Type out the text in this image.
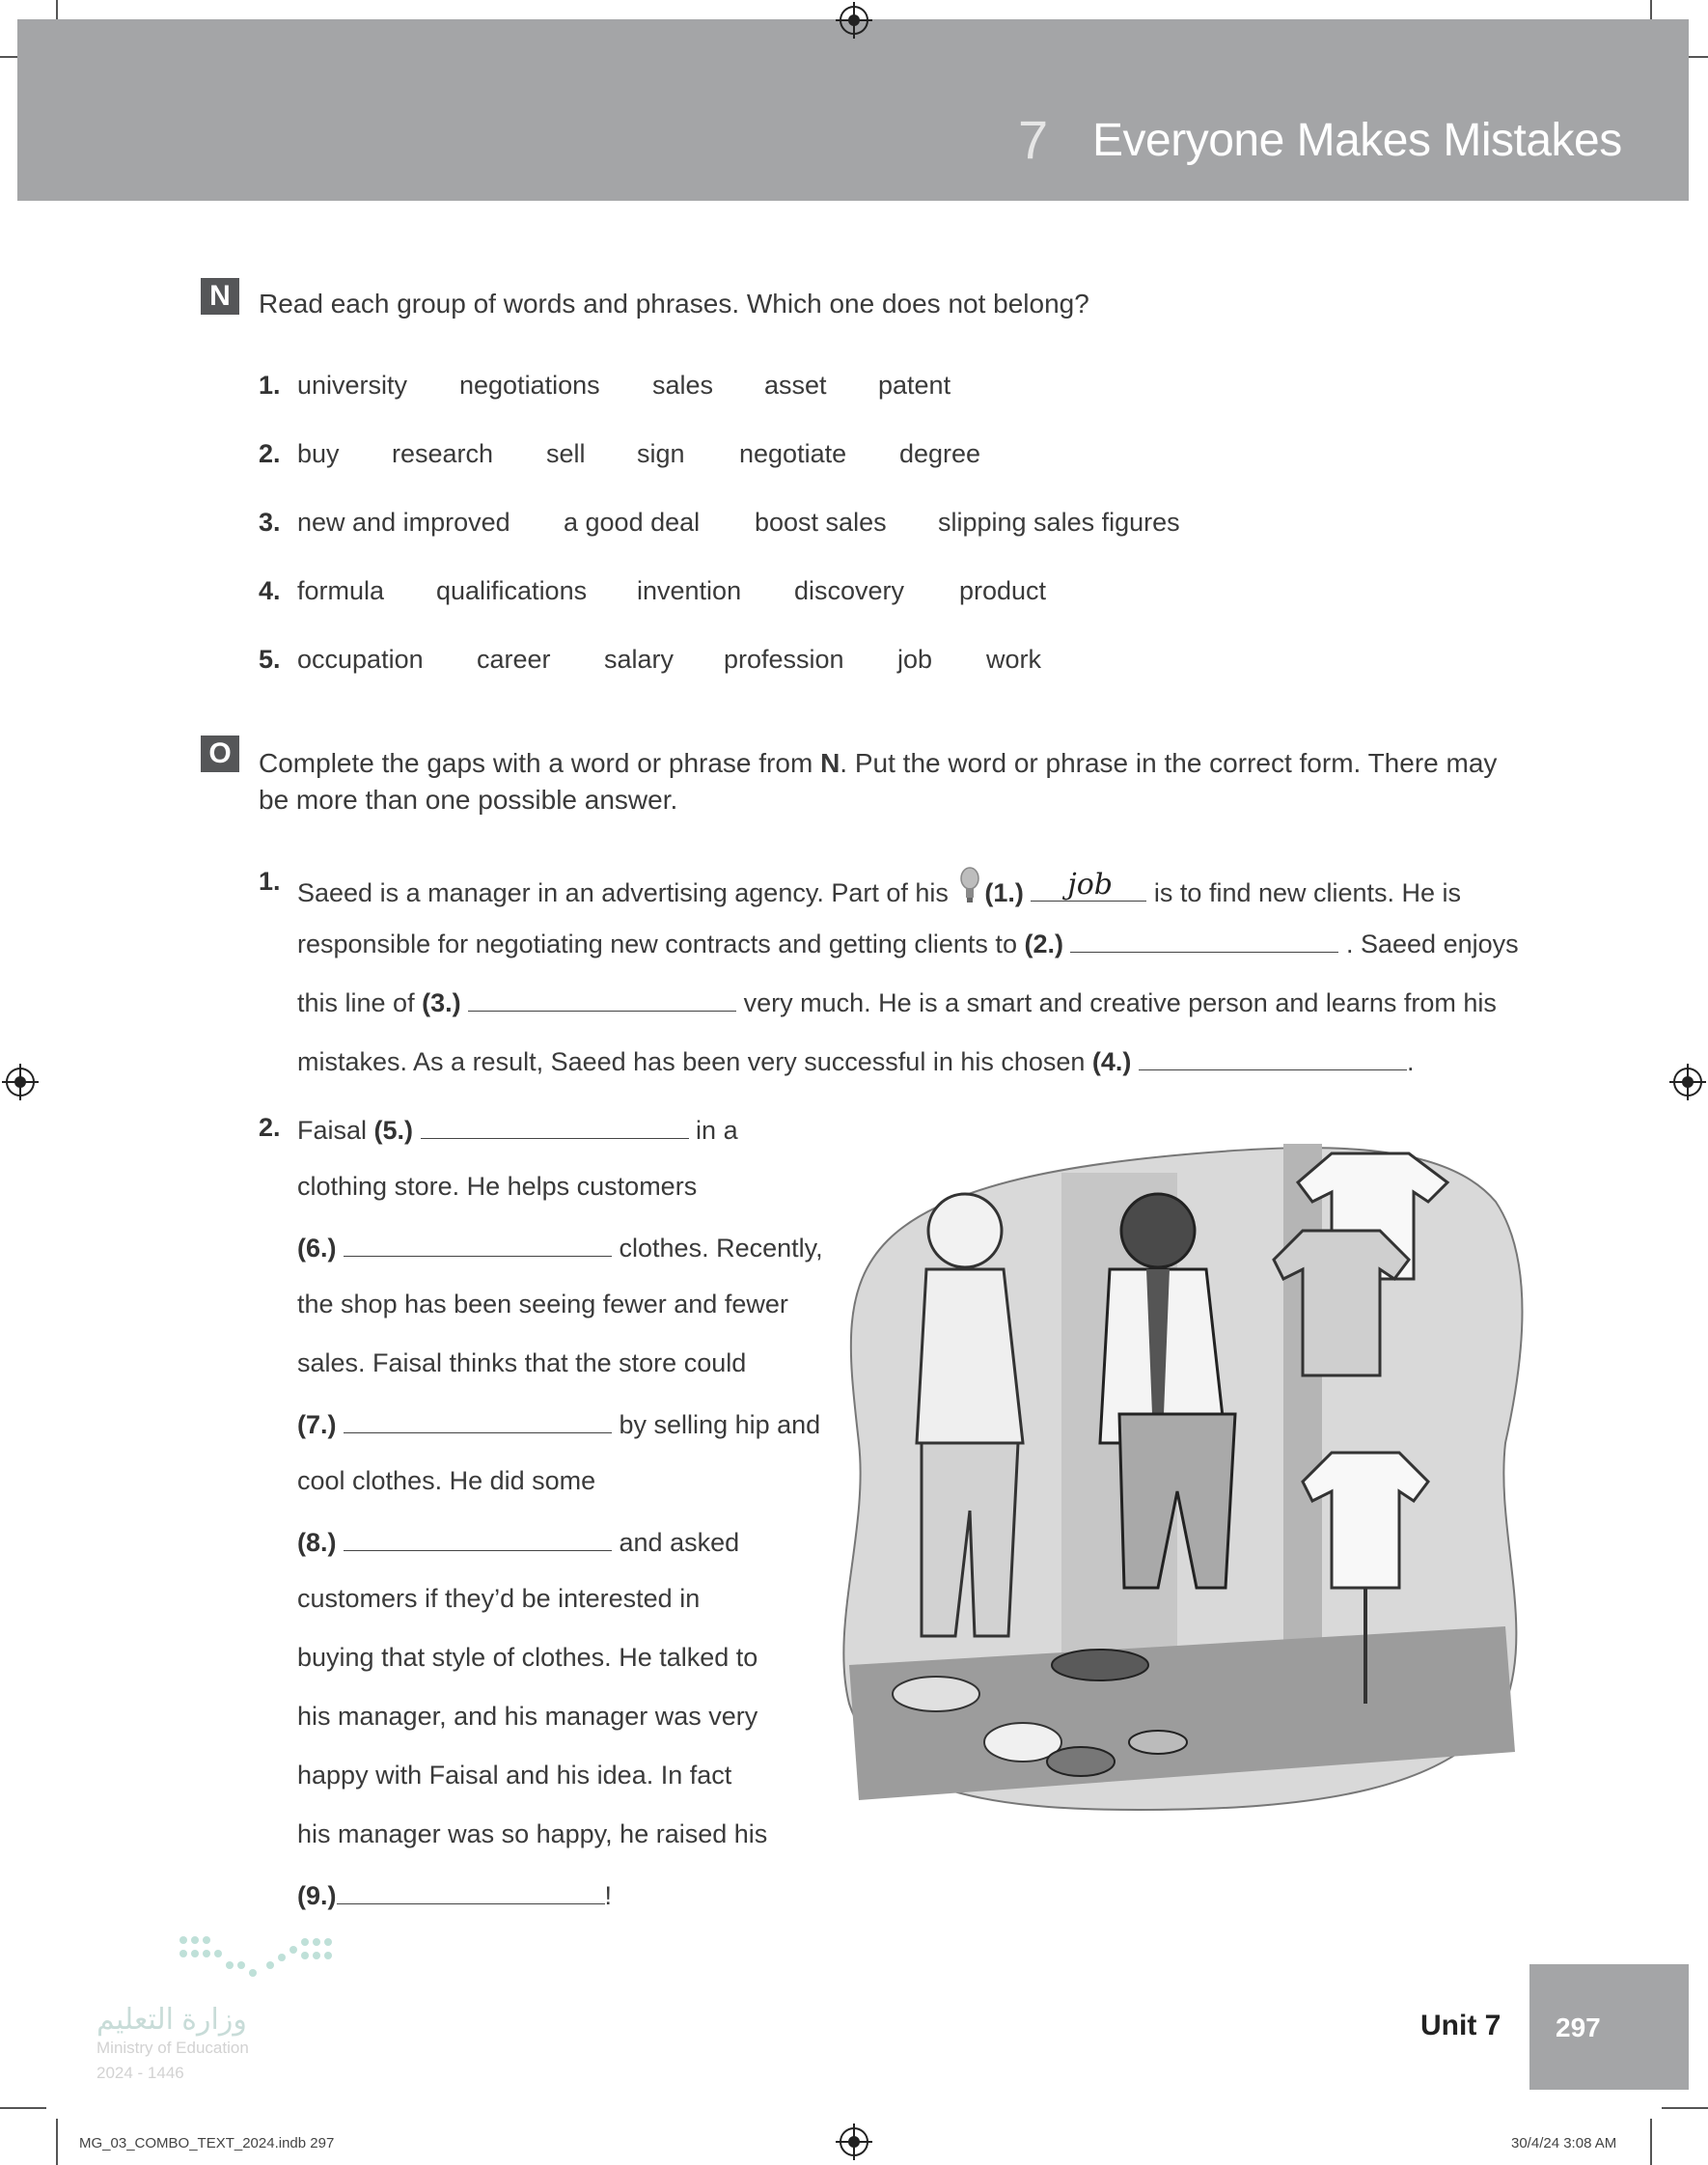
7 Everyone Makes Mistakes
N	Read each group of words and phrases. Which one does not belong?
1. university negotiations sales asset patent
2. buy research sell sign negotiate degree
3. new and improved a good deal boost sales slipping sales figures
4. formula qualifications invention discovery product
5. occupation career salary profession job work
O Complete the gaps with a word or phrase from N. Put the word or phrase in the correct form. There may
be more than one possible answer.
1. Saeed is a manager in an advertising agency. Part of his (1.) job is to find new clients. He is
responsible for negotiating new contracts and getting clients to (2.)	. Saeed enjoys
this line of (3.)	very much. He is a smart and creative person and learns from his
mistakes. As a result, Saeed has been very successful in his chosen (4.)	.
2. Faisal (5.)	in a
clothing store. He helps customers
(6.)	clothes. Recently,
the shop has been seeing fewer and fewer
sales. Faisal thinks that the store could
(7.)	by selling hip and
cool clothes. He did some
(8.)	and asked
customers if they’d be interested in
buying that style of clothes. He talked to
his manager, and his manager was very
happy with Faisal and his idea. In fact
his manager was so happy, he raised his
(9.)	!
وزارة التعليم
Ministry of Education
2024 - 1446
Unit 7 297
MG_03_COMBO_TEXT_2024.indb 297	30/4/24 3:08 AM
